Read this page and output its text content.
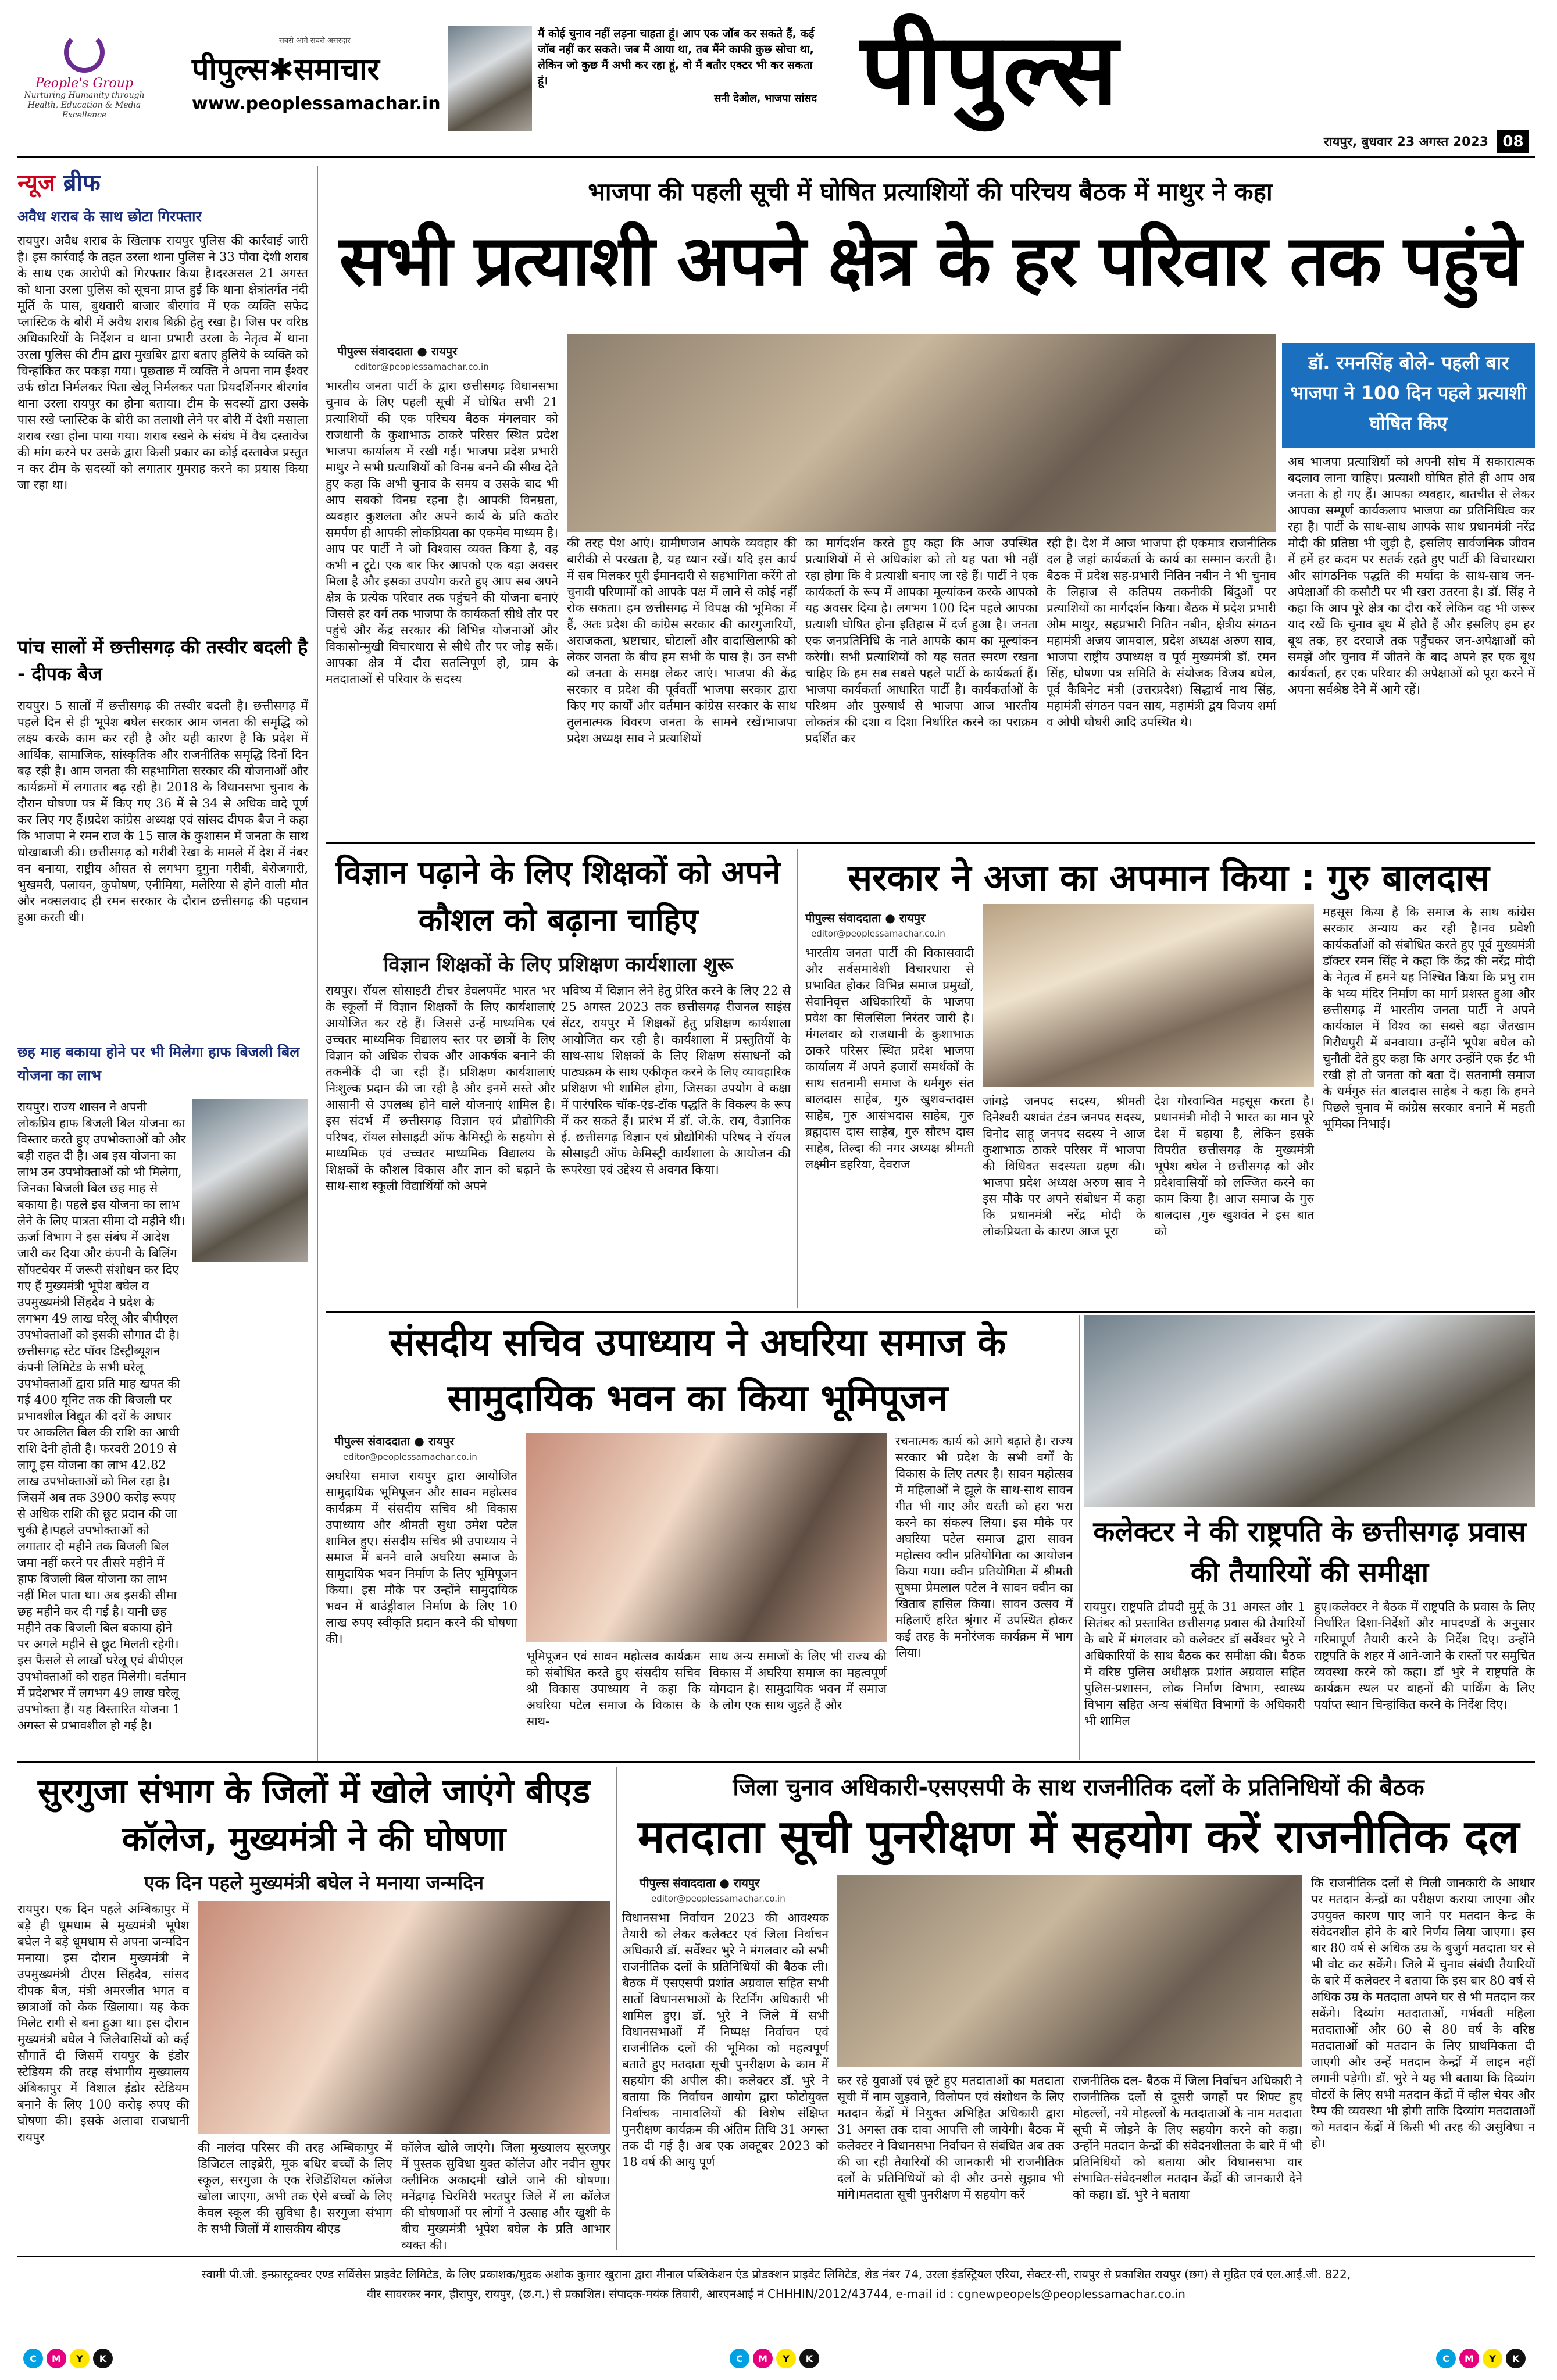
People's Group
Nurturing Humanity through Health, Education & Media Excellence
सबसे आगे सबसे असरदार
पीपुल्स✱समाचार
www.peoplessamachar.in
मैं कोई चुनाव नहीं लड़ना चाहता हूं। आप एक जॉब कर सकते हैं, कई जॉब नहीं कर सकते। जब मैं आया था, तब मैंने काफी कुछ सोचा था, लेकिन जो कुछ मैं अभी कर रहा हूं, वो मैं बतौर एक्टर भी कर सकता हूं।
सनी देओल, भाजपा सांसद पीपुल्स
रायपुर, बुधवार 23 अगस्त 2023 08
न्यूज ब्रीफ
अवैध शराब के साथ छोटा गिरफ्तार
रायपुर। अवैध शराब के खिलाफ रायपुर पुलिस की कार्रवाई जारी है। इस कार्रवाई के तहत उरला थाना पुलिस ने 33 पौवा देशी शराब के साथ एक आरोपी को गिरफ्तार किया है।दरअसल 21 अगस्त को थाना उरला पुलिस को सूचना प्राप्त हुई कि थाना क्षेत्रांतर्गत नंदी मूर्ति के पास, बुधवारी बाजार बीरगांव में एक व्यक्ति सफेद प्लास्टिक के बोरी में अवैध शराब बिक्री हेतु रखा है। जिस पर वरिष्ठ अधिकारियों के निर्देशन व थाना प्रभारी उरला के नेतृत्व में थाना उरला पुलिस की टीम द्वारा मुखबिर द्वारा बताए हुलिये के व्यक्ति को चिन्हांकित कर पकड़ा गया। पूछताछ में व्यक्ति ने अपना नाम ईश्वर उर्फ छोटा निर्मलकर पिता खेलू निर्मलकर पता प्रियदर्शिनगर बीरगांव थाना उरला रायपुर का होना बताया। टीम के सदस्यों द्वारा उसके पास रखे प्लास्टिक के बोरी का तलाशी लेने पर बोरी में देशी मसाला शराब रखा होना पाया गया। शराब रखने के संबंध में वैध दस्तावेज की मांग करने पर उसके द्वारा किसी प्रकार का कोई दस्तावेज प्रस्तुत न कर टीम के सदस्यों को लगातार गुमराह करने का प्रयास किया जा रहा था।
पांच सालों में छत्तीसगढ़ की तस्वीर बदली है - दीपक बैज
रायपुर। 5 सालों में छत्तीसगढ़ की तस्वीर बदली है। छत्तीसगढ़ में पहले दिन से ही भूपेश बघेल सरकार आम जनता की समृद्धि को लक्ष्य करके काम कर रही है और यही कारण है कि प्रदेश में आर्थिक, सामाजिक, सांस्कृतिक और राजनीतिक समृद्धि दिनों दिन बढ़ रही है। आम जनता की सहभागिता सरकार की योजनाओं और कार्यक्रमों में लगातार बढ़ रही है। 2018 के विधानसभा चुनाव के दौरान घोषणा पत्र में किए गए 36 में से 34 से अधिक वादे पूर्ण कर लिए गए हैं।प्रदेश कांग्रेस अध्यक्ष एवं सांसद दीपक बैज ने कहा कि भाजपा ने रमन राज के 15 साल के कुशासन में जनता के साथ धोखाबाजी की। छत्तीसगढ़ को गरीबी रेखा के मामले में देश में नंबर वन बनाया, राष्ट्रीय औसत से लगभग दुगुना गरीबी, बेरोजगारी, भुखमरी, पलायन, कुपोषण, एनीमिया, मलेरिया से होने वाली मौत और नक्सलवाद ही रमन सरकार के दौरान छत्तीसगढ़ की पहचान हुआ करती थी।
छह माह बकाया होने पर भी मिलेगा हाफ बिजली बिल योजना का लाभ
रायपुर। राज्य शासन ने अपनी लोकप्रिय हाफ बिजली बिल योजना का विस्तार करते हुए उपभोक्ताओं को और बड़ी राहत दी है। अब इस योजना का लाभ उन उपभोक्ताओं को भी मिलेगा, जिनका बिजली बिल छह माह से बकाया है। पहले इस योजना का लाभ लेने के लिए पात्रता सीमा दो महीने थी। ऊर्जा विभाग ने इस संबंध में आदेश जारी कर दिया और कंपनी के बिलिंग सॉफ्टवेयर में जरूरी संशोधन कर दिए गए हैं मुख्यमंत्री भूपेश बघेल व उपमुख्यमंत्री सिंहदेव ने प्रदेश के लगभग 49 लाख घरेलू और बीपीएल उपभोक्ताओं को इसकी सौगात दी है। छत्तीसगढ़ स्टेट पॉवर डिस्ट्रीब्यूशन कंपनी लिमिटेड के सभी घरेलू उपभोक्ताओं द्वारा प्रति माह खपत की गई 400 यूनिट तक की बिजली पर प्रभावशील विद्युत की दरों के आधार पर आकलित बिल की राशि का आधी राशि देनी होती है। फरवरी 2019 से लागू इस योजना का लाभ 42.82 लाख उपभोक्ताओं को मिल रहा है। जिसमें अब तक 3900 करोड़ रूपए से अधिक राशि की छूट प्रदान की जा चुकी है।पहले उपभोक्ताओं को लगातार दो महीने तक बिजली बिल जमा नहीं करने पर तीसरे महीने में हाफ बिजली बिल योजना का लाभ नहीं मिल पाता था। अब इसकी सीमा छह महीने कर दी गई है। यानी छह महीने तक बिजली बिल बकाया होने पर अगले महीने से छूट मिलती रहेगी। इस फैसले से लाखों घरेलू एवं बीपीएल उपभोक्ताओं को राहत मिलेगी। वर्तमान में प्रदेशभर में लगभग 49 लाख घरेलू उपभोक्ता हैं। यह विस्तारित योजना 1 अगस्त से प्रभावशील हो गई है।
भाजपा की पहली सूची में घोषित प्रत्याशियों की परिचय बैठक में माथुर ने कहा
सभी प्रत्याशी अपने क्षेत्र के हर परिवार तक पहुंचे
पीपुल्स संवाददाता ● रायपुर
editor@peoplessamachar.co.in	डॉ. रमनसिंह बोले- पहली बार भाजपा ने 100 दिन पहले प्रत्याशी घोषित किए
अब भाजपा प्रत्याशियों को अपनी सोच में सकारात्मक बदलाव लाना चाहिए। प्रत्याशी घोषित होते ही आप अब जनता के हो गए हैं। आपका व्यवहार, बातचीत से लेकर आपका सम्पूर्ण कार्यकलाप भाजपा का प्रतिनिधित्व कर रहा है। पार्टी के साथ-साथ आपके साथ प्रधानमंत्री नरेंद्र मोदी की प्रतिष्ठा भी जुड़ी है, इसलिए सार्वजनिक जीवन में हमें हर कदम पर सतर्क रहते हुए पार्टी की विचारधारा और सांगठनिक पद्धति की मर्यादा के साथ-साथ जन-अपेक्षाओं की कसौटी पर भी खरा उतरना है। डॉ. सिंह ने कहा कि आप पूरे क्षेत्र का दौरा करें लेकिन वह भी जरूर याद रखें कि चुनाव बूथ में होते हैं और इसलिए हम हर बूथ तक, हर दरवाजे तक पहुँचकर जन-अपेक्षाओं को समझें और चुनाव में जीतने के बाद अपने हर एक बूथ कार्यकर्ता, हर एक परिवार की अपेक्षाओं को पूरा करने में अपना सर्वश्रेष्ठ देने में आगे रहें।
भारतीय जनता पार्टी के द्वारा छत्तीसगढ़ विधानसभा चुनाव के लिए पहली सूची में घोषित सभी 21 प्रत्याशियों की एक परिचय बैठक मंगलवार को राजधानी के कुशाभाऊ ठाकरे परिसर स्थित प्रदेश भाजपा कार्यालय में रखी गई। भाजपा प्रदेश प्रभारी माथुर ने सभी प्रत्याशियों को विनम्र बनने की सीख देते हुए कहा कि अभी चुनाव के समय व उसके बाद भी आप सबको विनम्र रहना है। आपकी विनम्रता, व्यवहार कुशलता और अपने कार्य के प्रति कठोर समर्पण ही आपकी लोकप्रियता का एकमेव माध्यम है। आप पर पार्टी ने जो विश्वास व्यक्त किया है, वह कभी न टूटे। एक बार फिर आपको एक बड़ा अवसर मिला है और इसका उपयोग करते हुए आप सब अपने क्षेत्र के प्रत्येक परिवार तक पहुंचने की योजना बनाएं जिससे हर वर्ग तक भाजपा के कार्यकर्ता सीधे तौर पर पहुंचे और केंद्र सरकार की विभिन्न योजनाओं और विकासोन्मुखी विचारधारा से सीधे तौर पर जोड़ सकें। आपका क्षेत्र में दौरा सतत्निपूर्ण हो, ग्राम के मतदाताओं से परिवार के सदस्य
की तरह पेश आएं। ग्रामीणजन आपके व्यवहार की बारीकी से परखता है, यह ध्यान रखें। यदि इस कार्य में सब मिलकर पूरी ईमानदारी से सहभागिता करेंगे तो चुनावी परिणामों को आपके पक्ष में लाने से कोई नहीं रोक सकता। हम छत्तीसगढ़ में विपक्ष की भूमिका में हैं, अतः प्रदेश की कांग्रेस सरकार की कारगुजारियों, अराजकता, भ्रष्टाचार, घोटालों और वादाखिलाफी को लेकर जनता के बीच हम सभी के पास है। उन सभी को जनता के समक्ष लेकर जाएं। भाजपा की केंद्र सरकार व प्रदेश की पूर्ववर्ती भाजपा सरकार द्वारा किए गए कार्यों और वर्तमान कांग्रेस सरकार के साथ तुलनात्मक विवरण जनता के सामने रखें।भाजपा प्रदेश अध्यक्ष साव ने प्रत्याशियों
का मार्गदर्शन करते हुए कहा कि आज उपस्थित प्रत्याशियों में से अधिकांश को तो यह पता भी नहीं रहा होगा कि वे प्रत्याशी बनाए जा रहे हैं। पार्टी ने एक कार्यकर्ता के रूप में आपका मूल्यांकन करके आपको यह अवसर दिया है। लगभग 100 दिन पहले आपका प्रत्याशी घोषित होना इतिहास में दर्ज हुआ है। जनता एक जनप्रतिनिधि के नाते आपके काम का मूल्यांकन करेगी। सभी प्रत्याशियों को यह सतत स्मरण रखना चाहिए कि हम सब सबसे पहले पार्टी के कार्यकर्ता हैं। भाजपा कार्यकर्ता आधारित पार्टी है। कार्यकर्ताओं के परिश्रम और पुरुषार्थ से भाजपा आज भारतीय लोकतंत्र की दशा व दिशा निर्धारित करने का पराक्रम प्रदर्शित कर
रही है। देश में आज भाजपा ही एकमात्र राजनीतिक दल है जहां कार्यकर्ता के कार्य का सम्मान करती है। बैठक में प्रदेश सह-प्रभारी नितिन नबीन ने भी चुनाव के लिहाज से कतिपय तकनीकी बिंदुओं पर प्रत्याशियों का मार्गदर्शन किया। बैठक में प्रदेश प्रभारी ओम माथुर, सहप्रभारी नितिन नबीन, क्षेत्रीय संगठन महामंत्री अजय जामवाल, प्रदेश अध्यक्ष अरुण साव, भाजपा राष्ट्रीय उपाध्यक्ष व पूर्व मुख्यमंत्री डॉ. रमन सिंह, घोषणा पत्र समिति के संयोजक विजय बघेल, पूर्व कैबिनेट मंत्री (उत्तरप्रदेश) सिद्धार्थ नाथ सिंह, महामंत्री संगठन पवन साय, महामंत्री द्वय विजय शर्मा व ओपी चौधरी आदि उपस्थित थे।
विज्ञान पढ़ाने के लिए शिक्षकों को अपने कौशल को बढ़ाना चाहिए
विज्ञान शिक्षकों के लिए प्रशिक्षण कार्यशाला शुरू
रायपुर। रॉयल सोसाइटी टीचर डेवलपमेंट भारत भर के स्कूलों में विज्ञान शिक्षकों के लिए कार्यशालाएं आयोजित कर रहे हैं। जिससे उन्हें माध्यमिक एवं उच्चतर माध्यमिक विद्यालय स्तर पर छात्रों के लिए विज्ञान को अधिक रोचक और आकर्षक बनाने की तकनीकें दी जा रही हैं। प्रशिक्षण कार्यशालाएं निःशुल्क प्रदान की जा रही है और इनमें सस्ते और आसानी से उपलब्ध होने वाले योजनाएं शामिल है। इस संदर्भ में छत्तीसगढ़ विज्ञान एवं प्रौद्योगिकी परिषद, रॉयल सोसाइटी ऑफ केमिस्ट्री के सहयोग से माध्यमिक एवं उच्चतर माध्यमिक विद्यालय के शिक्षकों के कौशल विकास और ज्ञान को बढ़ाने के साथ-साथ स्कूली विद्यार्थियों को अपने
भविष्य में विज्ञान लेने हेतु प्रेरित करने के लिए 22 से 25 अगस्त 2023 तक छत्तीसगढ़ रीजनल साइंस सेंटर, रायपुर में शिक्षकों हेतु प्रशिक्षण कार्यशाला आयोजित कर रही है। कार्यशाला में प्रस्तुतियों के साथ-साथ शिक्षकों के लिए शिक्षण संसाधनों को पाठ्यक्रम के साथ एकीकृत करने के लिए व्यावहारिक प्रशिक्षण भी शामिल होगा, जिसका उपयोग वे कक्षा में पारंपरिक चॉक-एंड-टॉक पद्धति के विकल्प के रूप में कर सकते हैं। प्रारंभ में डॉ. जे.के. राय, वैज्ञानिक ई. छत्तीसगढ़ विज्ञान एवं प्रौद्योगिकी परिषद ने रॉयल सोसाइटी ऑफ केमिस्ट्री कार्यशाला के आयोजन की रूपरेखा एवं उद्देश्य से अवगत किया।
सरकार ने अजा का अपमान किया : गुरु बालदास
पीपुल्स संवाददाता ● रायपुर
editor@peoplessamachar.co.in
भारतीय जनता पार्टी की विकासवादी और सर्वसमावेशी विचारधारा से प्रभावित होकर विभिन्न समाज प्रमुखों, सेवानिवृत्त अधिकारियों के भाजपा प्रवेश का सिलसिला निरंतर जारी है। मंगलवार को राजधानी के कुशाभाऊ ठाकरे परिसर स्थित प्रदेश भाजपा कार्यालय में अपने हजारों समर्थकों के साथ सतनामी समाज के धर्मगुरु संत बालदास साहेब, गुरु खुशवन्तदास साहेब, गुरु आसंभदास साहेब, गुरु ब्रह्मदास दास साहेब, गुरु सौरभ दास साहेब, तिल्दा की नगर अध्यक्ष श्रीमती लक्ष्मीन डहरिया, देवराज
जांगड़े जनपद सदस्य, श्रीमती दिनेश्वरी यशवंत टंडन जनपद सदस्य, विनोद साहू जनपद सदस्य ने आज कुशाभाऊ ठाकरे परिसर में भाजपा की विधिवत सदस्यता ग्रहण की। भाजपा प्रदेश अध्यक्ष अरुण साव ने इस मौके पर अपने संबोधन में कहा कि प्रधानमंत्री नरेंद्र मोदी के लोकप्रियता के कारण आज पूरा
देश गौरवान्वित महसूस करता है। प्रधानमंत्री मोदी ने भारत का मान पूरे देश में बढ़ाया है, लेकिन इसके विपरीत छत्तीसगढ़ के मुख्यमंत्री भूपेश बघेल ने छत्तीसगढ़ को और प्रदेशवासियों को लज्जित करने का काम किया है। आज समाज के गुरु बालदास ,गुरु खुशवंत ने इस बात को
महसूस किया है कि समाज के साथ कांग्रेस सरकार अन्याय कर रही है।नव प्रवेशी कार्यकर्ताओं को संबोधित करते हुए पूर्व मुख्यमंत्री डॉक्टर रमन सिंह ने कहा कि केंद्र की नरेंद्र मोदी के नेतृत्व में हमने यह निश्चित किया कि प्रभु राम के भव्य मंदिर निर्माण का मार्ग प्रशस्त हुआ और छत्तीसगढ़ में भारतीय जनता पार्टी ने अपने कार्यकाल में विश्व का सबसे बड़ा जैतखाम गिरौधपुरी में बनवाया। उन्होंने भूपेश बघेल को चुनौती देते हुए कहा कि अगर उन्होंने एक ईंट भी रखी हो तो जनता को बता दें। सतनामी समाज के धर्मगुरु संत बालदास साहेब ने कहा कि हमने पिछले चुनाव में कांग्रेस सरकार बनाने में महती भूमिका निभाई।
संसदीय सचिव उपाध्याय ने अघरिया समाज के सामुदायिक भवन का किया भूमिपूजन
पीपुल्स संवाददाता ● रायपुर
editor@peoplessamachar.co.in
अघरिया समाज रायपुर द्वारा आयोजित सामुदायिक भूमिपूजन और सावन महोत्सव कार्यक्रम में संसदीय सचिव श्री विकास उपाध्याय और श्रीमती सुधा उमेश पटेल शामिल हुए। संसदीय सचिव श्री उपाध्याय ने समाज में बनने वाले अघरिया समाज के सामुदायिक भवन निर्माण के लिए भूमिपूजन किया। इस मौके पर उन्होंने सामुदायिक भवन में बाउंड्रीवाल निर्माण के लिए 10 लाख रुपए स्वीकृति प्रदान करने की घोषणा की।
भूमिपूजन एवं सावन महोत्सव कार्यक्रम को संबोधित करते हुए संसदीय सचिव श्री विकास उपाध्याय ने कहा कि अघरिया पटेल समाज के विकास के साथ-
साथ अन्य समाजों के लिए भी राज्य की विकास में अघरिया समाज का महत्वपूर्ण योगदान है। सामुदायिक भवन में समाज के लोग एक साथ जुड़ते हैं और
रचनात्मक कार्य को आगे बढ़ाते है। राज्य सरकार भी प्रदेश के सभी वर्गों के विकास के लिए तत्पर है। सावन महोत्सव में महिलाओं ने झूले के साथ-साथ सावन गीत भी गाए और धरती को हरा भरा करने का संकल्प लिया। इस मौके पर अघरिया पटेल समाज द्वारा सावन महोत्सव क्वीन प्रतियोगिता का आयोजन किया गया। क्वीन प्रतियोगिता में श्रीमती सुषमा प्रेमलाल पटेल ने सावन क्वीन का खिताब हासिल किया। सावन उत्सव में महिलाएँ हरित श्रृंगार में उपस्थित होकर कई तरह के मनोरंजक कार्यक्रम में भाग लिया।
कलेक्टर ने की राष्ट्रपति के छत्तीसगढ़ प्रवास की तैयारियों की समीक्षा
रायपुर। राष्ट्रपति द्रौपदी मुर्मू के 31 अगस्त और 1 सितंबर को प्रस्तावित छत्तीसगढ़ प्रवास की तैयारियों के बारे में मंगलवार को कलेक्टर डॉ सर्वेश्वर भुरे ने अधिकारियों के साथ बैठक कर समीक्षा की। बैठक में वरिष्ठ पुलिस अधीक्षक प्रशांत अग्रवाल सहित पुलिस-प्रशासन, लोक निर्माण विभाग, स्वास्थ्य विभाग सहित अन्य संबंधित विभागों के अधिकारी भी शामिल
हुए।कलेक्टर ने बैठक में राष्ट्रपति के प्रवास के लिए निर्धारित दिशा-निर्देशों और मापदण्डों के अनुसार गरिमापूर्ण तैयारी करने के निर्देश दिए। उन्होंने राष्ट्रपति के शहर में आने-जाने के रास्तों पर समुचित व्यवस्था करने को कहा। डॉ भुरे ने राष्ट्रपति के कार्यक्रम स्थल पर वाहनों की पार्किंग के लिए पर्याप्त स्थान चिन्हांकित करने के निर्देश दिए।
सुरगुजा संभाग के जिलों में खोले जाएंगे बीएड कॉलेज, मुख्यमंत्री ने की घोषणा
एक दिन पहले मुख्यमंत्री बघेल ने मनाया जन्मदिन
रायपुर। एक दिन पहले अम्बिकापुर में बड़े ही धूमधाम से मुख्यमंत्री भूपेश बघेल ने बड़े धूमधाम से अपना जन्मदिन मनाया। इस दौरान मुख्यमंत्री ने उपमुख्यमंत्री टीएस सिंहदेव, सांसद दीपक बैज, मंत्री अमरजीत भगत व छात्राओं को केक खिलाया। यह केक मिलेट रागी से बना हुआ था। इस दौरान मुख्यमंत्री बघेल ने जिलेवासियों को कई सौगातें दी जिसमें रायपुर के इंडोर स्टेडियम की तरह संभागीय मुख्यालय अंबिकापुर में विशाल इंडोर स्टेडियम बनाने के लिए 100 करोड़ रुपए की घोषणा की। इसके अलावा राजधानी रायपुर
की नालंदा परिसर की तरह अम्बिकापुर में डिजिटल लाइब्रेरी, मूक बधिर बच्चों के लिए स्कूल, सरगुजा के एक रेजिडेंशियल कॉलेज खोला जाएगा, अभी तक ऐसे बच्चों के लिए केवल स्कूल की सुविधा है। सरगुजा संभाग के सभी जिलों में शासकीय बीएड
कॉलेज खोले जाएंगे। जिला मुख्यालय सूरजपुर में पुस्तक सुविधा युक्त कॉलेज और नवीन सुपर क्लीनिक अकादमी खोले जाने की घोषणा। मनेंद्रगढ़ चिरमिरी भरतपुर जिले में ला कॉलेज की घोषणाओं पर लोगों ने उत्साह और खुशी के बीच मुख्यमंत्री भूपेश बघेल के प्रति आभार व्यक्त की।
जिला चुनाव अधिकारी-एसएसपी के साथ राजनीतिक दलों के प्रतिनिधियों की बैठक
मतदाता सूची पुनरीक्षण में सहयोग करें राजनीतिक दल
पीपुल्स संवाददाता ● रायपुर
editor@peoplessamachar.co.in
विधानसभा निर्वाचन 2023 की आवश्यक तैयारी को लेकर कलेक्टर एवं जिला निर्वाचन अधिकारी डॉ. सर्वेश्वर भुरे ने मंगलवार को सभी राजनीतिक दलों के प्रतिनिधियों की बैठक ली। बैठक में एसएसपी प्रशांत अग्रवाल सहित सभी सातों विधानसभाओं के रिटर्निंग अधिकारी भी शामिल हुए। डॉ. भुरे ने जिले में सभी विधानसभाओं में निष्पक्ष निर्वाचन एवं राजनीतिक दलों की भूमिका को महत्वपूर्ण बताते हुए मतदाता सूची पुनरीक्षण के काम में सहयोग की अपील की। कलेक्टर डॉ. भुरे ने बताया कि निर्वाचन आयोग द्वारा फोटोयुक्त निर्वाचक नामावलियों की विशेष संक्षिप्त पुनरीक्षण कार्यक्रम की अंतिम तिथि 31 अगस्त तक दी गई है। अब एक अक्टूबर 2023 को 18 वर्ष की आयु पूर्ण
कर रहे युवाओं एवं छूटे हुए मतदाताओं का मतदाता सूची में नाम जुड़वाने, विलोपन एवं संशोधन के लिए मतदान केंद्रों में नियुक्त अभिहित अधिकारी द्वारा 31 अगस्त तक दावा आपत्ति ली जायेगी। बैठक में कलेक्टर ने विधानसभा निर्वाचन से संबंधित अब तक की जा रही तैयारियों की जानकारी भी राजनीतिक दलों के प्रतिनिधियों को दी और उनसे सुझाव भी मांगे।मतदाता सूची पुनरीक्षण में सहयोग करें
राजनीतिक दल- बैठक में जिला निर्वाचन अधिकारी ने राजनीतिक दलों से दूसरी जगहों पर शिफ्ट हुए मोहल्लों, नये मोहल्लों के मतदाताओं के नाम मतदाता सूची में जोड़ने के लिए सहयोग करने को कहा। उन्होंने मतदान केन्द्रों की संवेदनशीलता के बारे में भी प्रतिनिधियों को बताया और विधानसभा वार संभावित-संवेदनशील मतदान केंद्रों की जानकारी देने को कहा। डॉ. भुरे ने बताया
कि राजनीतिक दलों से मिली जानकारी के आधार पर मतदान केन्द्रों का परीक्षण कराया जाएगा और उपयुक्त कारण पाए जाने पर मतदान केन्द्र के संवेदनशील होने के बारे निर्णय लिया जाएगा। इस बार 80 वर्ष से अधिक उम्र के बुजुर्ग मतदाता घर से भी वोट कर सकेंगे। जिले में चुनाव संबंधी तैयारियों के बारे में कलेक्टर ने बताया कि इस बार 80 वर्ष से अधिक उम्र के मतदाता अपने घर से भी मतदान कर सकेंगे। दिव्यांग मतदाताओं, गर्भवती महिला मतदाताओं और 60 से 80 वर्ष के वरिष्ठ मतदाताओं को मतदान के लिए प्राथमिकता दी जाएगी और उन्हें मतदान केन्द्रों में लाइन नहीं लगानी पड़ेगी। डॉ. भुरे ने यह भी बताया कि दिव्यांग वोटरों के लिए सभी मतदान केंद्रों में व्हील चेयर और रैम्प की व्यवस्था भी होगी ताकि दिव्यांग मतदाताओं को मतदान केंद्रों में किसी भी तरह की असुविधा न हो।
स्वामी पी.जी. इन्फ्रास्ट्रक्चर एण्ड सर्विसेस प्राइवेट लिमिटेड, के लिए प्रकाशक/मुद्रक अशोक कुमार खुराना द्वारा मीनाल पब्लिकेशन एंड प्रोडक्शन प्राइवेट लिमिटेड, शेड नंबर 74, उरला इंडस्ट्रियल एरिया, सेक्टर-सी, रायपुर से प्रकाशित रायपुर (छग) से मुद्रित एवं एल.आई.जी. 822,
वीर सावरकर नगर, हीरापुर, रायपुर, (छ.ग.) से प्रकाशित। संपादक-मयंक तिवारी, आरएनआई नं CHHHIN/2012/43744, e-mail id : cgnewpeopels@peoplessamachar.co.in
C	M	Y	K	C	M	Y	K	C	M	Y	K
